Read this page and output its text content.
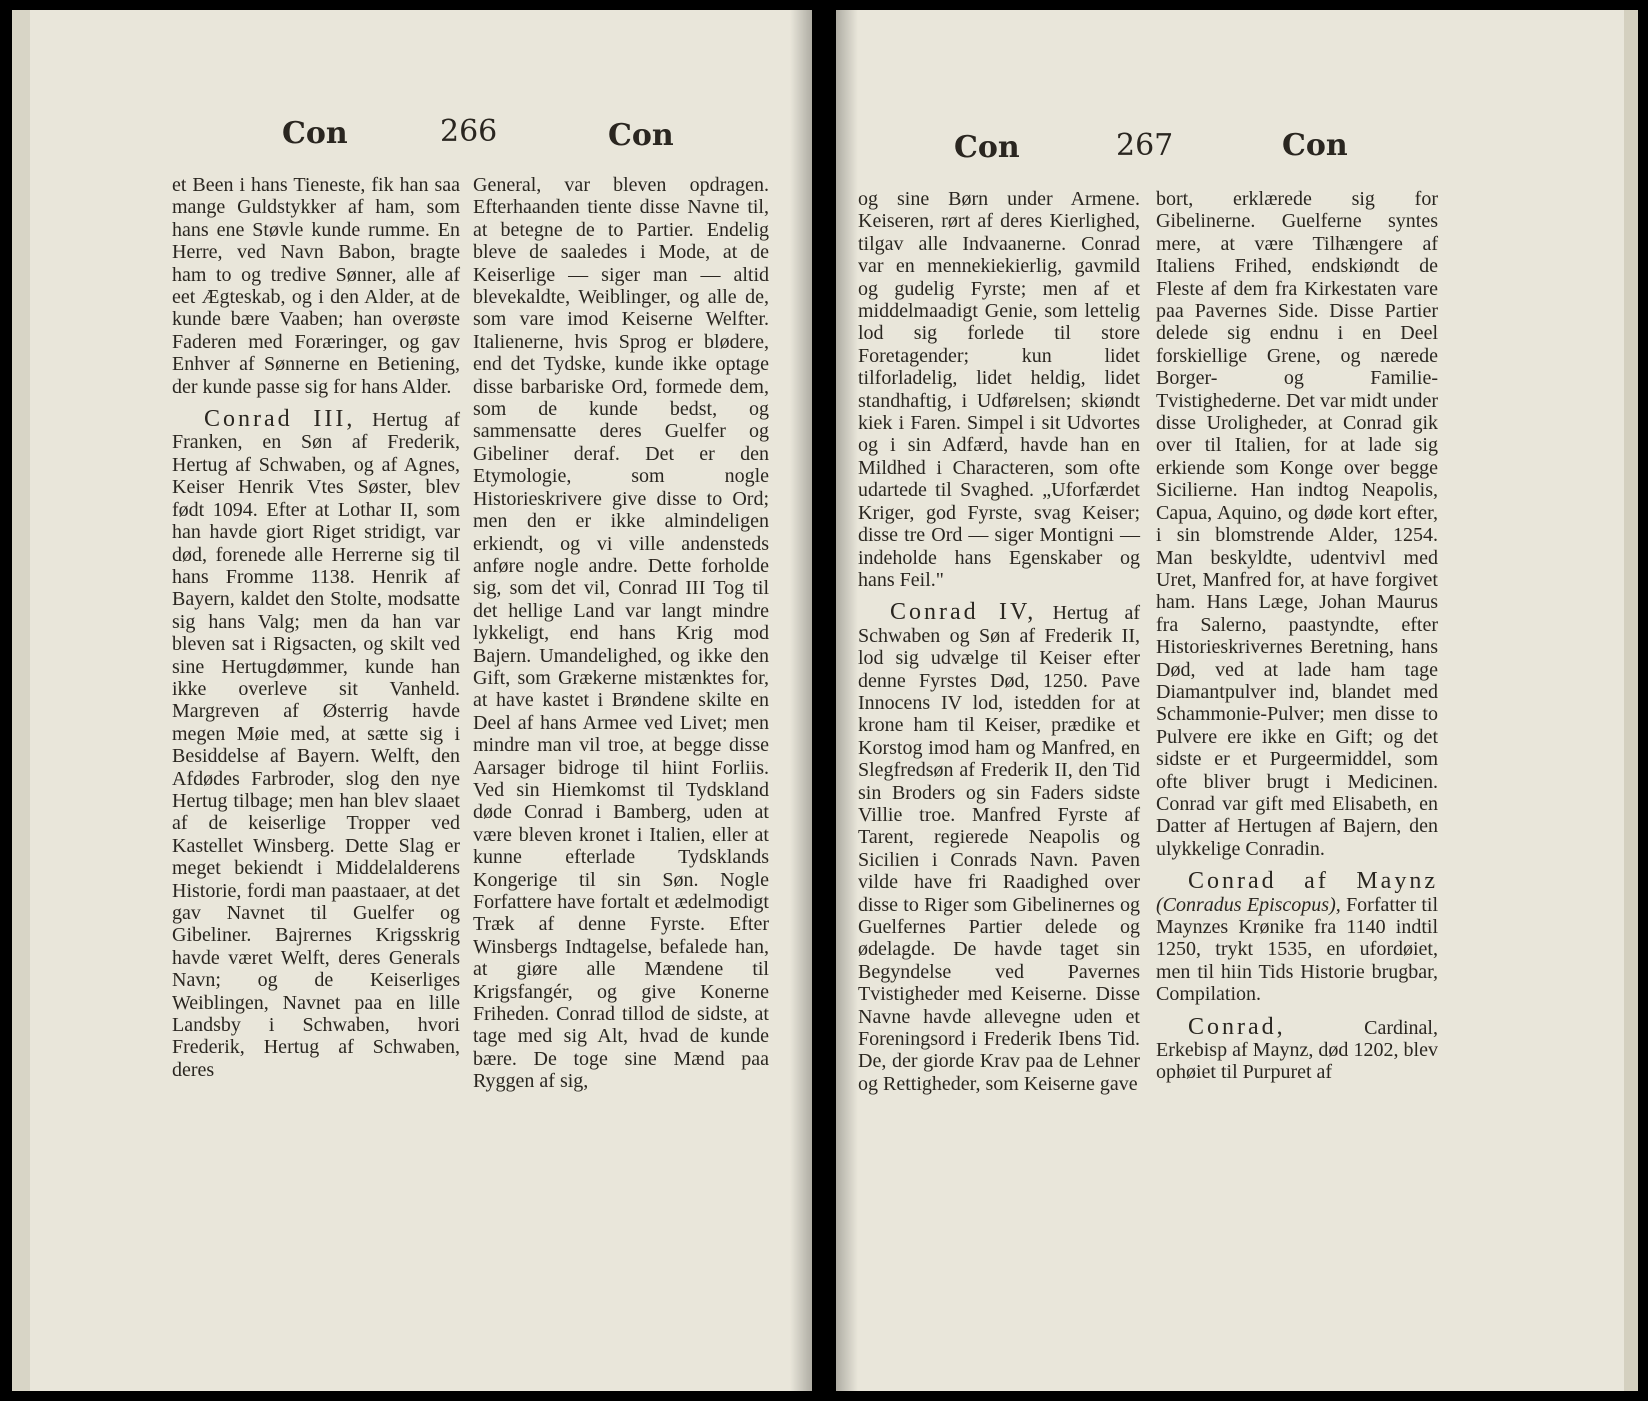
Con	266	Con

et Been i hans Tieneste, fik han saa mange Guldstykker af ham, som hans ene Støvle kunde rumme. En Herre, ved Navn Babon, bragte ham to og tredive Sønner, alle af eet Ægteskab, og i den Alder, at de kunde bære Vaaben; han overøste Faderen med Foræringer, og gav Enhver af Sønnerne en Betiening, der kunde passe sig for hans Alder.

Conrad III, Hertug af Franken, en Søn af Frederik, Hertug af Schwaben, og af Agnes, Keiser Henrik Vtes Søster, blev født 1094. Efter at Lothar II, som han havde giort Riget stridigt, var død, forenede alle Herrerne sig til hans Fromme 1138. Henrik af Bayern, kaldet den Stolte, modsatte sig hans Valg; men da han var bleven sat i Rigsacten, og skilt ved sine Hertugdømmer, kunde han ikke overleve sit Vanheld. Margreven af Østerrig havde megen Møie med, at sætte sig i Besiddelse af Bayern. Welft, den Afdødes Farbroder, slog den nye Hertug tilbage; men han blev slaaet af de keiserlige Tropper ved Kastellet Winsberg. Dette Slag er meget bekiendt i Middelalderens Historie, fordi man paastaaer, at det gav Navnet til Guelfer og Gibeliner. Bajrernes Krigsskrig havde været Welft, deres Generals Navn; og de Keiserliges Weiblingen, Navnet paa en lille Landsby i Schwaben, hvori Frederik, Hertug af Schwaben, deres

General, var bleven opdragen. Efterhaanden tiente disse Navne til, at betegne de to Partier. Endelig bleve de saaledes i Mode, at de Keiserlige — siger man — altid blevekaldte, Weiblinger, og alle de, som vare imod Keiserne Welfter. Italienerne, hvis Sprog er blødere, end det Tydske, kunde ikke optage disse barbariske Ord, formede dem, som de kunde bedst, og sammensatte deres Guelfer og Gibeliner deraf. Det er den Etymologie, som nogle Historieskrivere give disse to Ord; men den er ikke almindeligen erkiendt, og vi ville andensteds anføre nogle andre. Dette forholde sig, som det vil, Conrad III Tog til det hellige Land var langt mindre lykkeligt, end hans Krig mod Bajern. Umandelighed, og ikke den Gift, som Grækerne mistænktes for, at have kastet i Brøndene skilte en Deel af hans Armee ved Livet; men mindre man vil troe, at begge disse Aarsager bidroge til hiint Forliis. Ved sin Hiemkomst til Tydskland døde Conrad i Bamberg, uden at være bleven kronet i Italien, eller at kunne efterlade Tydsklands Kongerige til sin Søn. Nogle Forfattere have fortalt et ædelmodigt Træk af denne Fyrste. Efter Winsbergs Indtagelse, befalede han, at giøre alle Mændene til Krigsfangér, og give Konerne Friheden. Conrad tillod de sidste, at tage med sig Alt, hvad de kunde bære. De toge sine Mænd paa Ryggen af sig,

Con	267	Con

og sine Børn under Armene. Keiseren, rørt af deres Kierlighed, tilgav alle Indvaanerne. Conrad var en mennekiekierlig, gavmild og gudelig Fyrste; men af et middelmaadigt Genie, som lettelig lod sig forlede til store Foretagender; kun lidet tilforladelig, lidet heldig, lidet standhaftig, i Udførelsen; skiøndt kiek i Faren. Simpel i sit Udvortes og i sin Adfærd, havde han en Mildhed i Characteren, som ofte udartede til Svaghed. „Uforfærdet Kriger, god Fyrste, svag Keiser; disse tre Ord — siger Montigni — indeholde hans Egenskaber og hans Feil."

Conrad IV, Hertug af Schwaben og Søn af Frederik II, lod sig udvælge til Keiser efter denne Fyrstes Død, 1250. Pave Innocens IV lod, istedden for at krone ham til Keiser, prædike et Korstog imod ham og Manfred, en Slegfredsøn af Frederik II, den Tid sin Broders og sin Faders sidste Villie troe. Manfred Fyrste af Tarent, regierede Neapolis og Sicilien i Conrads Navn. Paven vilde have fri Raadighed over disse to Riger som Gibelinernes og Guelfernes Partier delede og ødelagde. De havde taget sin Begyndelse ved Pavernes Tvistigheder med Keiserne. Disse Navne havde allevegne uden et Foreningsord i Frederik Ibens Tid. De, der giorde Krav paa de Lehner og Rettigheder, som Keiserne gave

bort, erklærede sig for Gibelinerne. Guelferne syntes mere, at være Tilhængere af Italiens Frihed, endskiøndt de Fleste af dem fra Kirkestaten vare paa Pavernes Side. Disse Partier delede sig endnu i en Deel forskiellige Grene, og nærede Borger- og Familie-Tvistighederne. Det var midt under disse Uroligheder, at Conrad gik over til Italien, for at lade sig erkiende som Konge over begge Sicilierne. Han indtog Neapolis, Capua, Aquino, og døde kort efter, i sin blomstrende Alder, 1254. Man beskyldte, udentvivl med Uret, Manfred for, at have forgivet ham. Hans Læge, Johan Maurus fra Salerno, paastyndte, efter Historieskrivernes Beretning, hans Død, ved at lade ham tage Diamantpulver ind, blandet med Schammonie-Pulver; men disse to Pulvere ere ikke en Gift; og det sidste er et Purgeermiddel, som ofte bliver brugt i Medicinen. Conrad var gift med Elisabeth, en Datter af Hertugen af Bajern, den ulykkelige Conradin.

Conrad af Maynz (Conradus Episcopus), Forfatter til Maynzes Krønike fra 1140 indtil 1250, trykt 1535, en ufordøiet, men til hiin Tids Historie brugbar, Compilation.

Conrad,	Cardinal, Erkebisp af Maynz, død 1202, blev ophøiet til Purpuret af
